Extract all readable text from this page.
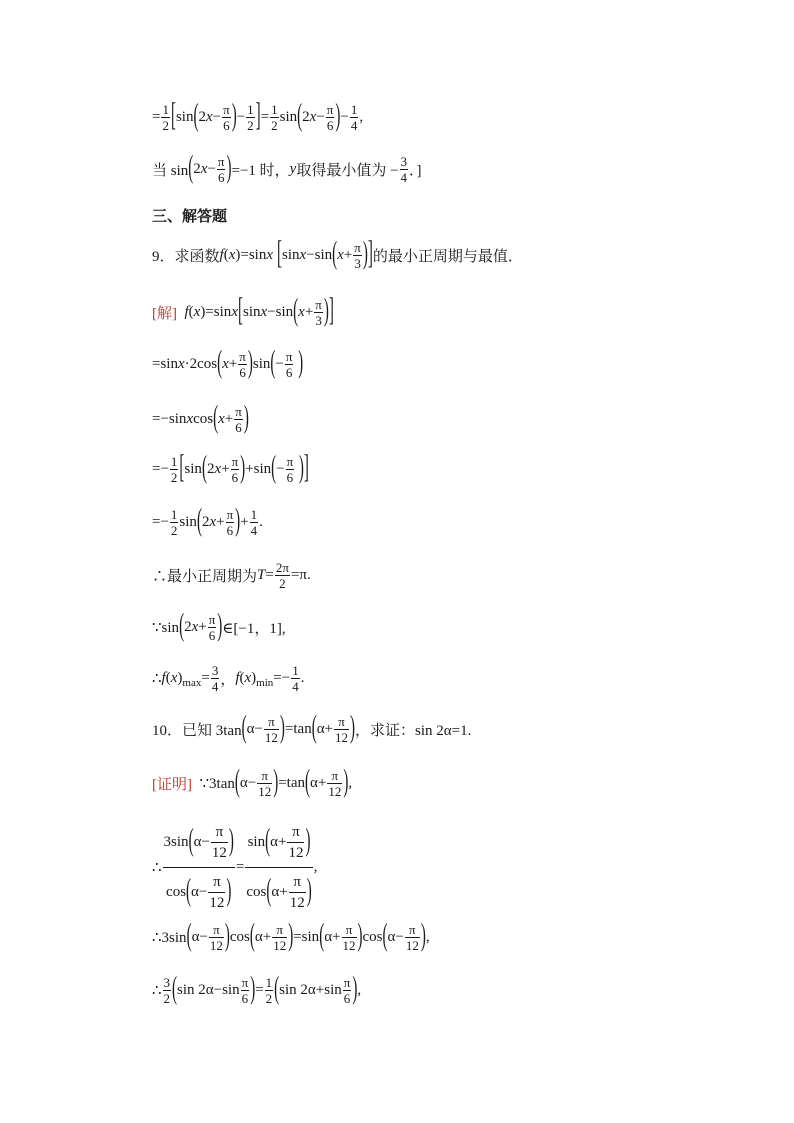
= 1
2 [ sin ( 2 x − π
6 ) − 1
2 ] = 1
2
sin ( 2 x − π
6 ) − 1
4
,
当 sin ( 2 x − π
6 ) =−1 时， y 取得最小值为 −
3
4 ．]
三、解答题
9．求函数 f ( x )=sin x [ sin x −sin ( x + π
3 ) ] 的最小正周期与最值．
[解]
f ( x )=sin x [ sin x −sin ( x + π
3 ) ]
=sin x ·2cos ( x + π
6 ) sin ( − π
6
)
=−sin x cos ( x + π
6 )
=− 1
2 [ sin ( 2 x + π
6 ) +sin ( − π
6
) ]
=− 1
2
sin ( 2 x + π
6 ) + 1
4
.
∴最小正周期为 T = 2π
2
=π.
∵sin ( 2 x + π
6 ) ∈[−1，1],
∴ f ( x ) max = 3
4 ， f ( x ) min =− 1
4
.
10．已知 3tan ( α− π
12 ) =tan ( α+ π
12 ) ，求证：sin 2α=1.
[证明] ∵3tan ( α− π
12 ) =tan ( α+ π
12 ) ,
∴
$3\sin(\alpha- \frac{\pi}{12}$ )
$\cos(\alpha- \frac{\pi}{12}$ )
=
$\sin(\alpha+ \frac{\pi}{12}$ )
$\cos(\alpha+ \frac{\pi}{12}$ )
,
∴3sin ( α− π
12 ) cos ( α+ π
12 ) =sin ( α+ π
12 ) cos ( α− π
12 ) ,
∴
3
2 ( sin 2α−sin π
6 ) = 1
2 ( sin 2α+sin π
6 ) ,
